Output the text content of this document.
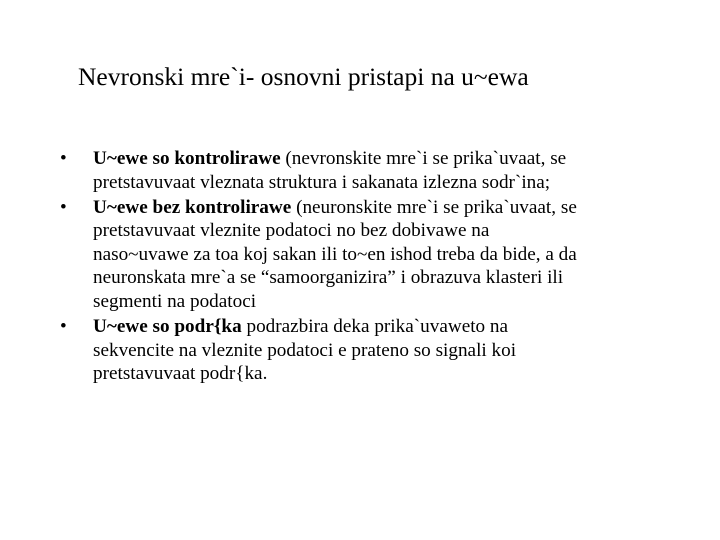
Nevronski mre`i- osnovni pristapi na u~ewa
•	U~ewe so kontrolirawe (nevronskite mre`i se prika`uvaat, se
pretstavuvaat vleznata struktura i sakanata izlezna sodr`ina;
•	U~ewe bez kontrolirawe (neuronskite mre`i se prika`uvaat, se
pretstavuvaat vleznite podatoci no bez dobivawe na
naso~uvawe za toa koj sakan ili to~en ishod treba da bide, a da
neuronskata mre`a se “samoorganizira” i obrazuva klasteri ili
segmenti na podatoci
•	U~ewe so podr{ka podrazbira deka prika`uvaweto na
sekvencite na vleznite podatoci e prateno so signali koi
pretstavuvaat podr{ka.
